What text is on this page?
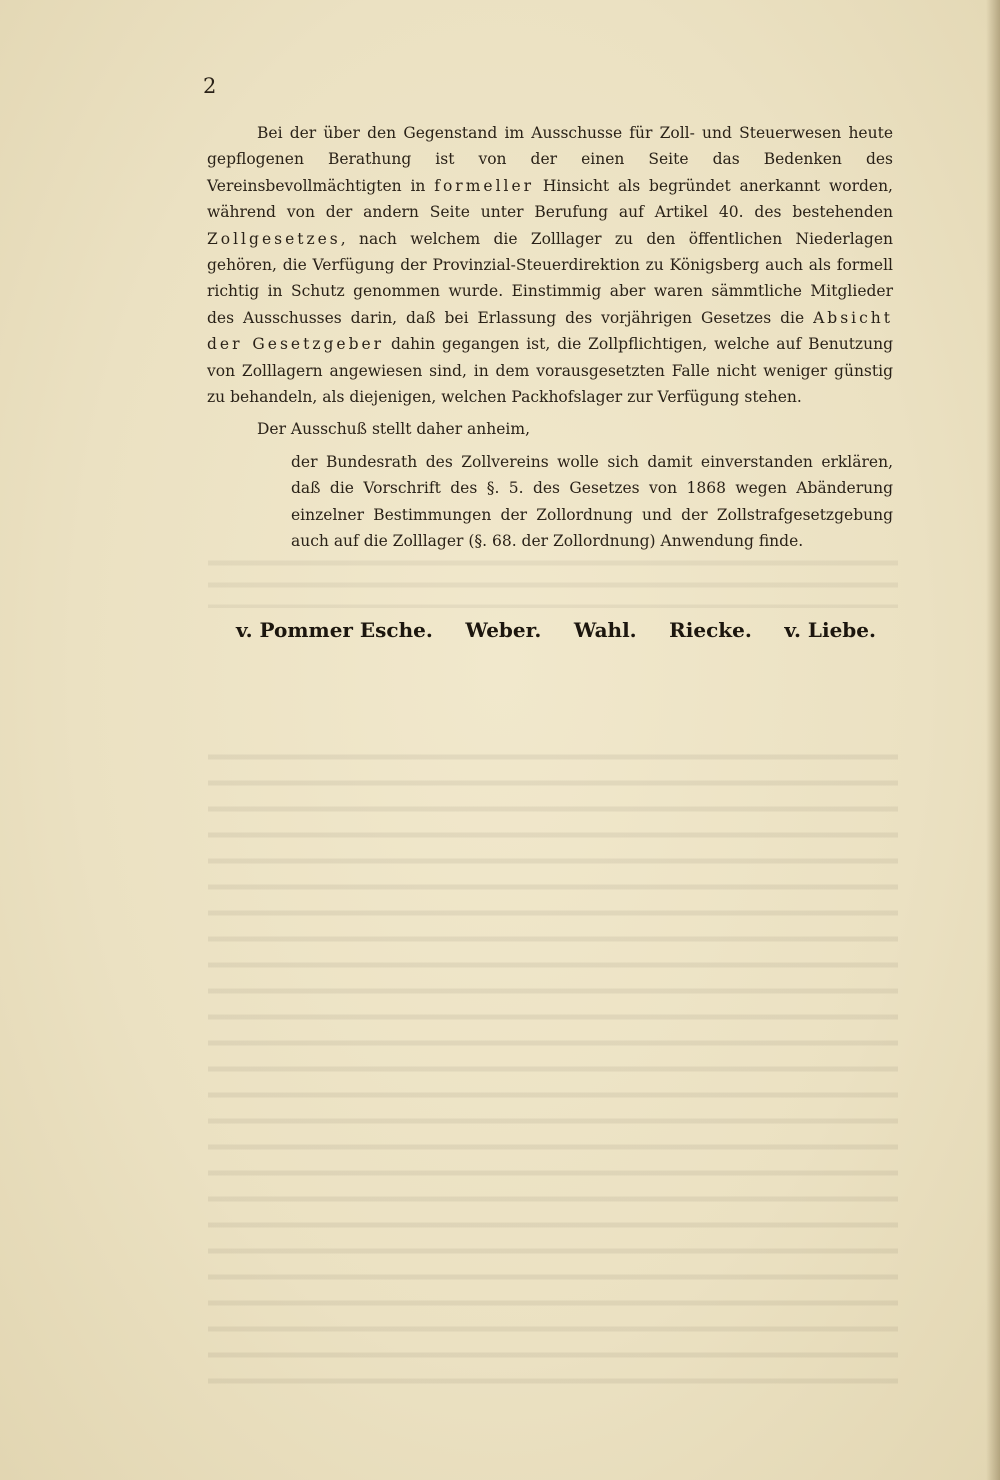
2

Bei der über den Gegenstand im Ausschusse für Zoll- und Steuerwesen heute gepflogenen Berathung ist von der einen Seite das Bedenken des Vereinsbevollmächtigten in formeller Hinsicht als begründet anerkannt worden, während von der andern Seite unter Berufung auf Artikel 40. des bestehenden Zollgesetzes, nach welchem die Zolllager zu den öffentlichen Niederlagen gehören, die Verfügung der Provinzial-Steuerdirektion zu Königsberg auch als formell richtig in Schutz genommen wurde. Einstimmig aber waren sämmtliche Mitglieder des Ausschusses darin, daß bei Erlassung des vorjährigen Gesetzes die Absicht der Gesetzgeber dahin gegangen ist, die Zollpflichtigen, welche auf Benutzung von Zolllagern angewiesen sind, in dem vorausgesetzten Falle nicht weniger günstig zu behandeln, als diejenigen, welchen Packhofslager zur Verfügung stehen.

Der Ausschuß stellt daher anheim,

der Bundesrath des Zollvereins wolle sich damit einverstanden erklären, daß die Vorschrift des §. 5. des Gesetzes von 1868 wegen Abänderung einzelner Bestimmungen der Zollordnung und der Zollstrafgesetzgebung auch auf die Zolllager (§. 68. der Zollordnung) Anwendung finde.
v. Pommer Esche. Weber. Wahl. Riecke. v. Liebe.
